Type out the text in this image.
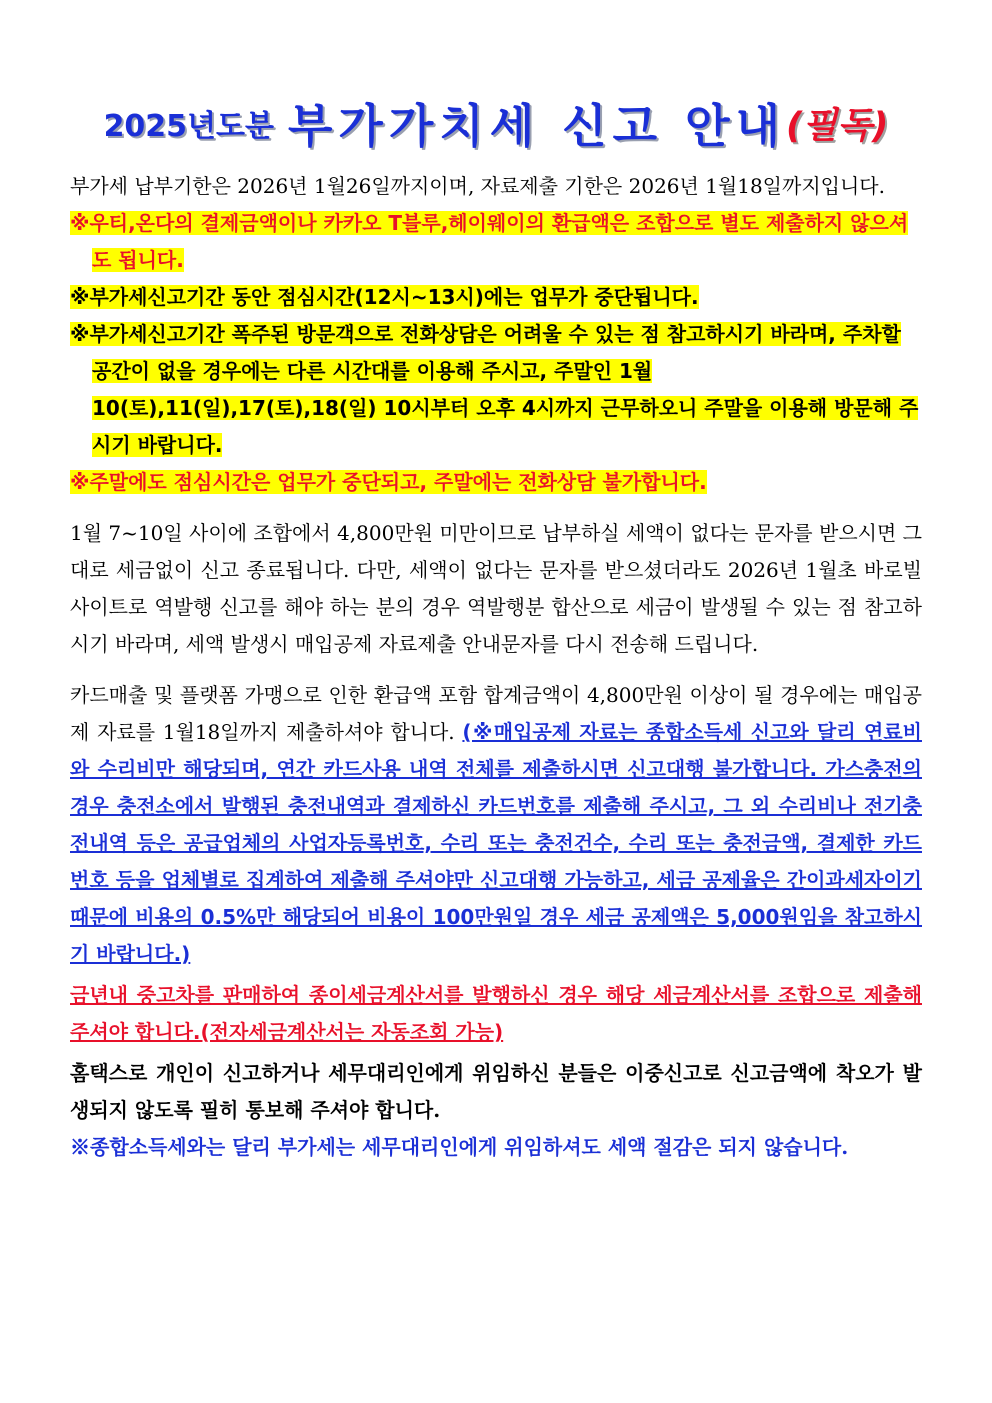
2025년도분 부가가치세 신고 안내(필독)

부가세 납부기한은 2026년 1월26일까지이며, 자료제출 기한은 2026년 1월18일까지입니다.

※우티,온다의 결제금액이나 카카오 T블루,헤이웨이의 환급액은 조합으로 별도 제출하지 않으셔도 됩니다.

※부가세신고기간 동안 점심시간(12시~13시)에는 업무가 중단됩니다.

※부가세신고기간 폭주된 방문객으로 전화상담은 어려울 수 있는 점 참고하시기 바라며, 주차할 공간이 없을 경우에는 다른 시간대를 이용해 주시고, 주말인 1월10(토),11(일),17(토),18(일) 10시부터 오후 4시까지 근무하오니 주말을 이용해 방문해 주시기 바랍니다.

※주말에도 점심시간은 업무가 중단되고, 주말에는 전화상담 불가합니다.

1월 7~10일 사이에 조합에서 4,800만원 미만이므로 납부하실 세액이 없다는 문자를 받으시면 그대로 세금없이 신고 종료됩니다. 다만, 세액이 없다는 문자를 받으셨더라도 2026년 1월초 바로빌 사이트로 역발행 신고를 해야 하는 분의 경우 역발행분 합산으로 세금이 발생될 수 있는 점 참고하시기 바라며, 세액 발생시 매입공제 자료제출 안내문자를 다시 전송해 드립니다.

카드매출 및 플랫폼 가맹으로 인한 환급액 포함 합계금액이 4,800만원 이상이 될 경우에는 매입공제 자료를 1월18일까지 제출하셔야 합니다. (※매입공제 자료는 종합소득세 신고와 달리 연료비와 수리비만 해당되며, 연간 카드사용 내역 전체를 제출하시면 신고대행 불가합니다. 가스충전의 경우 충전소에서 발행된 충전내역과 결제하신 카드번호를 제출해 주시고, 그 외 수리비나 전기충전내역 등은 공급업체의 사업자등록번호, 수리 또는 충전건수, 수리 또는 충전금액, 결제한 카드번호 등을 업체별로 집계하여 제출해 주셔야만 신고대행 가능하고, 세금 공제율은 간이과세자이기 때문에 비용의 0.5%만 해당되어 비용이 100만원일 경우 세금 공제액은 5,000원임을 참고하시기 바랍니다.)

금년내 중고차를 판매하여 종이세금계산서를 발행하신 경우 해당 세금계산서를 조합으로 제출해 주셔야 합니다.(전자세금계산서는 자동조회 가능)

홈택스로 개인이 신고하거나 세무대리인에게 위임하신 분들은 이중신고로 신고금액에 착오가 발생되지 않도록 필히 통보해 주셔야 합니다.

※종합소득세와는 달리 부가세는 세무대리인에게 위임하셔도 세액 절감은 되지 않습니다.
